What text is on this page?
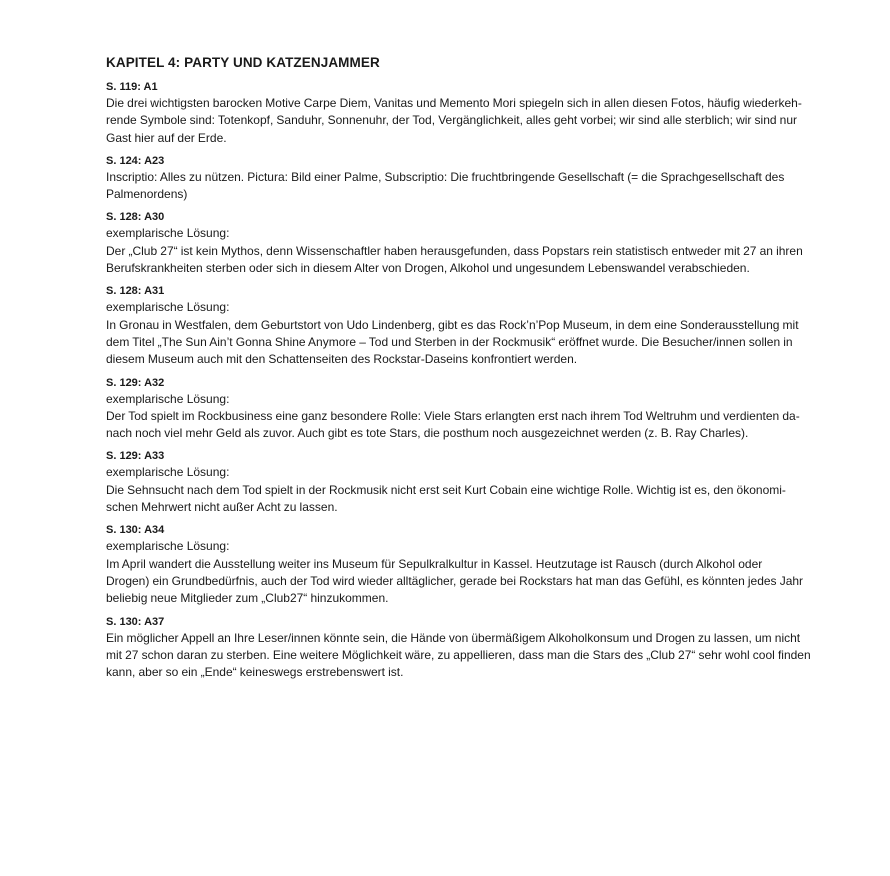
KAPITEL 4: PARTY UND KATZENJAMMER

S. 119: A1

Die drei wichtigsten barocken Motive Carpe Diem, Vanitas und Memento Mori spiegeln sich in allen diesen Fotos, häufig wiederkeh-
rende Symbole sind: Totenkopf, Sanduhr, Sonnenuhr, der Tod, Vergänglichkeit, alles geht vorbei; wir sind alle sterblich; wir sind nur
Gast hier auf der Erde.

S. 124: A23

Inscriptio: Alles zu nützen. Pictura: Bild einer Palme, Subscriptio: Die fruchtbringende Gesellschaft (= die Sprachgesellschaft des
Palmenordens)

S. 128: A30

exemplarische Lösung:

Der „Club 27“ ist kein Mythos, denn Wissenschaftler haben herausgefunden, dass Popstars rein statistisch entweder mit 27 an ihren
Berufskrankheiten sterben oder sich in diesem Alter von Drogen, Alkohol und ungesundem Lebenswandel verabschieden.

S. 128: A31

exemplarische Lösung:

In Gronau in Westfalen, dem Geburtstort von Udo Lindenberg, gibt es das Rock’n’Pop Museum, in dem eine Sonderausstellung mit
dem Titel „The Sun Ain’t Gonna Shine Anymore – Tod und Sterben in der Rockmusik“ eröffnet wurde. Die Besucher/innen sollen in
diesem Museum auch mit den Schattenseiten des Rockstar-Daseins konfrontiert werden.

S. 129: A32

exemplarische Lösung:

Der Tod spielt im Rockbusiness eine ganz besondere Rolle: Viele Stars erlangten erst nach ihrem Tod Weltruhm und verdienten da-
nach noch viel mehr Geld als zuvor. Auch gibt es tote Stars, die posthum noch ausgezeichnet werden (z. B. Ray Charles).

S. 129: A33

exemplarische Lösung:

Die Sehnsucht nach dem Tod spielt in der Rockmusik nicht erst seit Kurt Cobain eine wichtige Rolle. Wichtig ist es, den ökonomi-
schen Mehrwert nicht außer Acht zu lassen.

S. 130: A34

exemplarische Lösung:

Im April wandert die Ausstellung weiter ins Museum für Sepulkralkultur in Kassel. Heutzutage ist Rausch (durch Alkohol oder
Drogen) ein Grundbedürfnis, auch der Tod wird wieder alltäglicher, gerade bei Rockstars hat man das Gefühl, es könnten jedes Jahr
beliebig neue Mitglieder zum „Club27“ hinzukommen.

S. 130: A37

Ein möglicher Appell an Ihre Leser/innen könnte sein, die Hände von übermäßigem Alkoholkonsum und Drogen zu lassen, um nicht
mit 27 schon daran zu sterben. Eine weitere Möglichkeit wäre, zu appellieren, dass man die Stars des „Club 27“ sehr wohl cool finden
kann, aber so ein „Ende“ keineswegs erstrebenswert ist.
